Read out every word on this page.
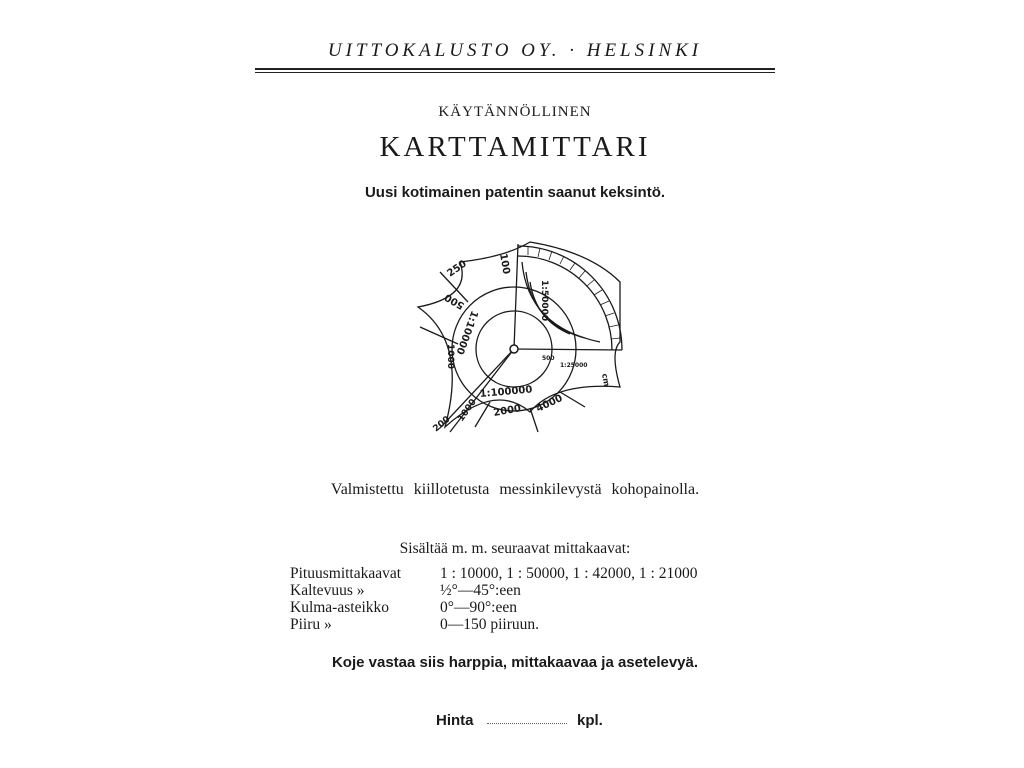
UITTOKALUSTO OY. · HELSINKI
KÄYTÄNNÖLLINEN
KARTTAMITTARI
Uusi kotimainen patentin saanut keksintö.
250	100
500
1:10000
1000
1:50000
1:100000
2000 4000
1000
200
cm
500
1:25000
Valmistettu kiillotetusta messinkilevystä kohopainolla.
Sisältää m. m. seuraavat mittakaavat:
Pituusmittakaavat	1 : 10000, 1 : 50000, 1 : 42000, 1 : 21000
Kaltevuus »	½°—45°:een
Kulma-asteikko	0°—90°:een
Piiru »	0—150 piiruun.
Koje vastaa siis harppia, mittakaavaa ja asetelevyä.
Hinta	kpl.
